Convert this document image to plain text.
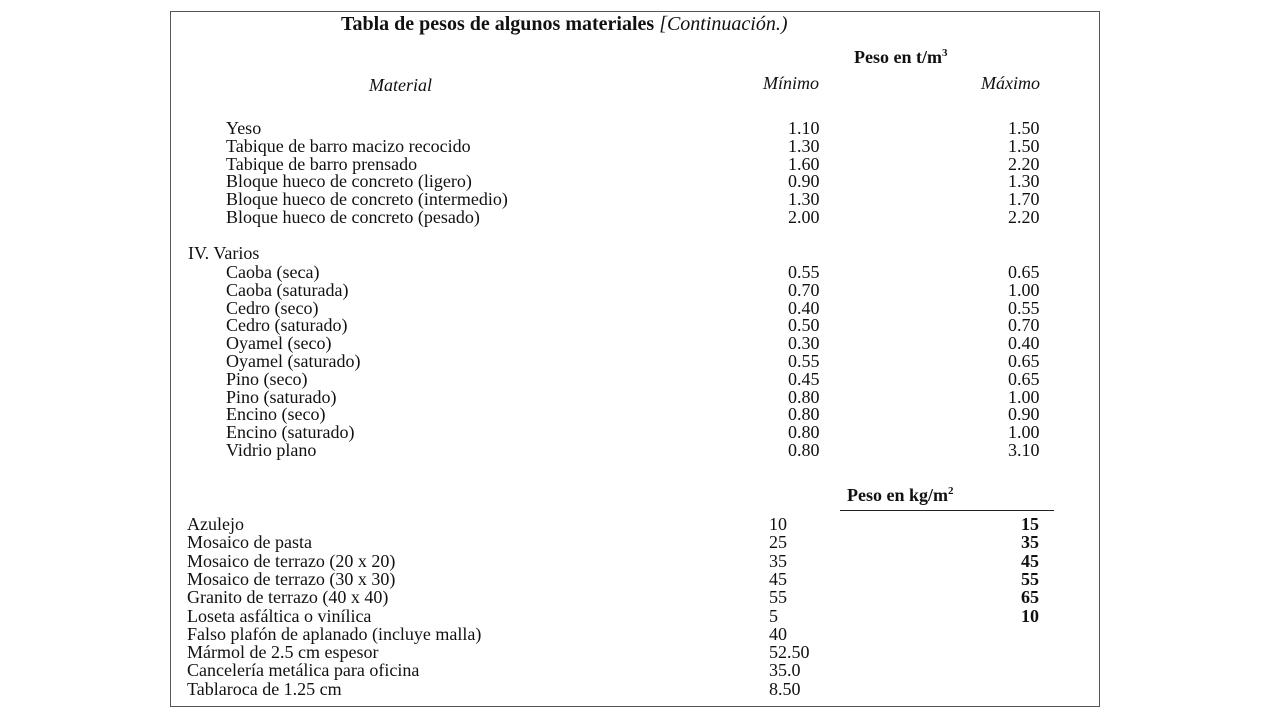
Tabla de pesos de algunos materiales [Continuación.)
Peso en $t/m^3$
Material	Mínimo	Máximo
Yeso	1.10	1.50
Tabique de barro macizo recocido	1.30	1.50
Tabique de barro prensado	1.60	2.20
Bloque hueco de concreto (ligero)	0.90	1.30
Bloque hueco de concreto (intermedio)	1.30	1.70
Bloque hueco de concreto (pesado)	2.00	2.20
IV. Varios
Caoba (seca)	0.55	0.65
Caoba (saturada)	0.70	1.00
Cedro (seco)	0.40	0.55
Cedro (saturado)	0.50	0.70
Oyamel (seco)	0.30	0.40
Oyamel (saturado)	0.55	0.65
Pino (seco)	0.45	0.65
Pino (saturado)	0.80	1.00
Encino (seco)	0.80	0.90
Encino (saturado)	0.80	1.00
Vidrio plano	0.80	3.10
Peso en $kg/m^2$
Azulejo	10	15
Mosaico de pasta	25	35
Mosaico de terrazo (20 x 20)	35	45
Mosaico de terrazo (30 x 30)	45	55
Granito de terrazo (40 x 40)	55	65
Loseta asfáltica o vinílica	5	10
Falso plafón de aplanado (incluye malla)	40
Mármol de 2.5 cm espesor	52.50
Cancelería metálica para oficina	35.0
Tablaroca de 1.25 cm	8.50
